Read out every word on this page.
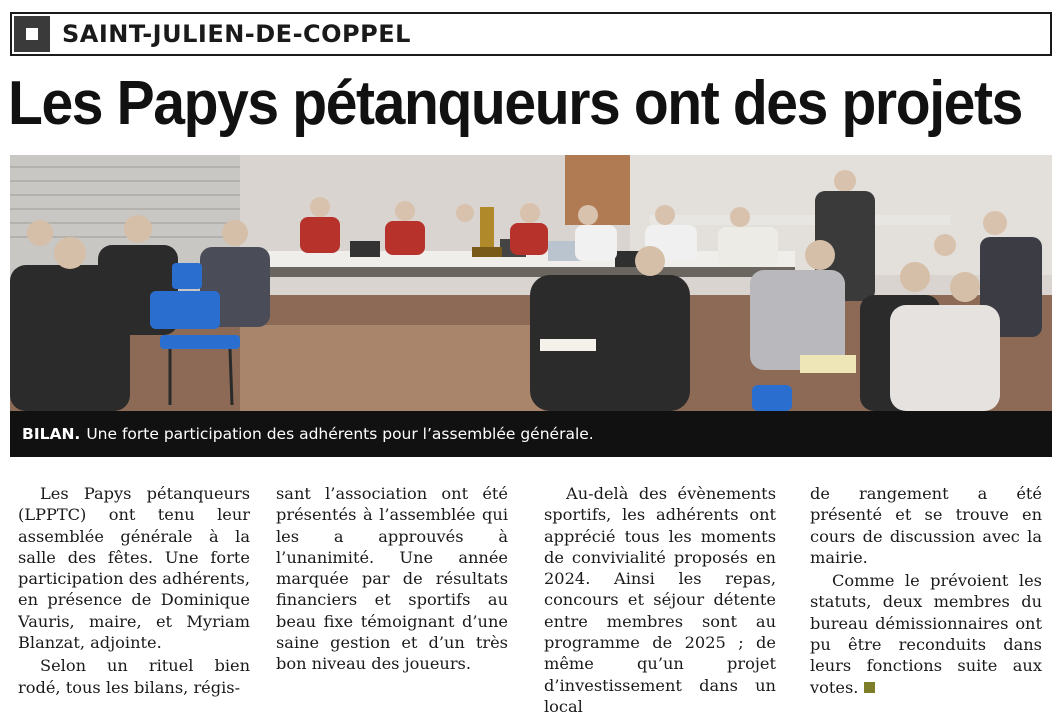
SAINT-JULIEN-DE-COPPEL
Les Papys pétanqueurs ont des projets
BILAN. Une forte participation des adhérents pour l’assemblée générale.

Les Papys pétanqueurs (LPPTC) ont tenu leur assemblée générale à la salle des fêtes. Une forte participation des adhérents, en présence de Dominique Vauris, maire, et Myriam Blanzat, adjointe.

Selon un rituel bien rodé, tous les bilans, régis-

sant l’association ont été présentés à l’assemblée qui les a approuvés à l’unanimité. Une année marquée par de résultats financiers et sportifs au beau fixe témoignant d’une saine gestion et d’un très bon niveau des joueurs.

Au-delà des évènements sportifs, les adhérents ont apprécié tous les moments de convivialité proposés en 2024. Ainsi les repas, concours et séjour détente entre membres sont au programme de 2025 ; de même qu’un projet d’investissement dans un local

de rangement a été présenté et se trouve en cours de discussion avec la mairie.

Comme le prévoient les statuts, deux membres du bureau démissionnaires ont pu être reconduits dans leurs fonctions suite aux votes.
